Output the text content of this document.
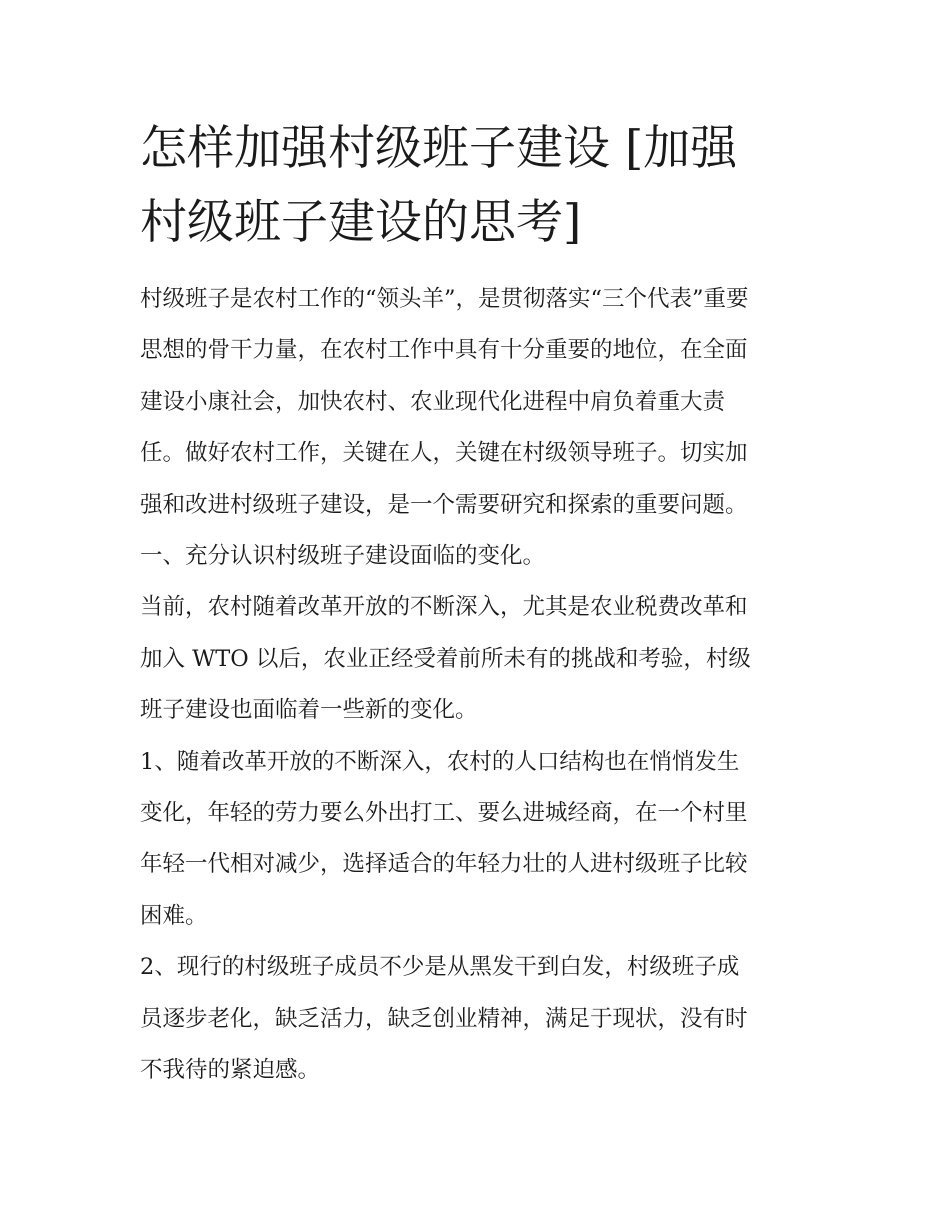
怎样加强村级班子建设 [加强
村级班子建设的思考]

村级班子是农村工作的“领头羊”，是贯彻落实“三个代表”重要
思想的骨干力量，在农村工作中具有十分重要的地位，在全面
建设小康社会，加快农村、农业现代化进程中肩负着重大责
任。做好农村工作，关键在人，关键在村级领导班子。切实加
强和改进村级班子建设，是一个需要研究和探索的重要问题。

一、充分认识村级班子建设面临的变化。

当前，农村随着改革开放的不断深入，尤其是农业税费改革和
加入 WTO 以后，农业正经受着前所未有的挑战和考验，村级
班子建设也面临着一些新的变化。

1、随着改革开放的不断深入，农村的人口结构也在悄悄发生
变化，年轻的劳力要么外出打工、要么进城经商，在一个村里
年轻一代相对减少，选择适合的年轻力壮的人进村级班子比较
困难。

2、现行的村级班子成员不少是从黑发干到白发，村级班子成
员逐步老化，缺乏活力，缺乏创业精神，满足于现状，没有时
不我待的紧迫感。
